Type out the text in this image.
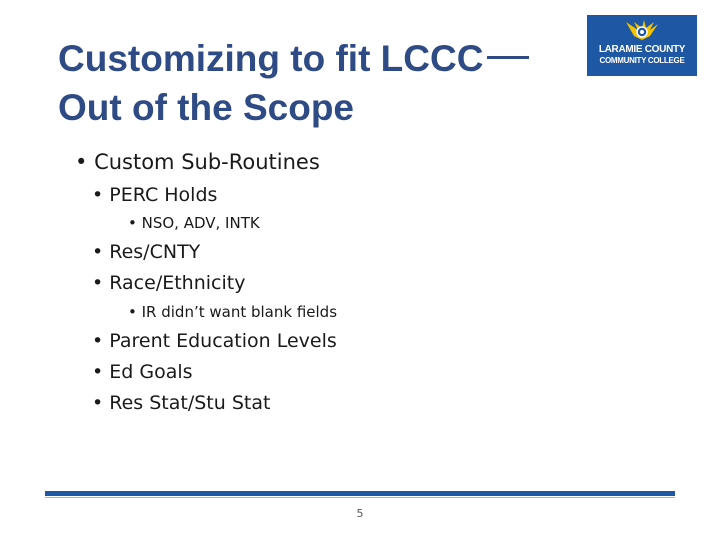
Customizing to fit LCCC
Out of the Scope
LARAMIE COUNTY
COMMUNITY COLLEGE
• Custom Sub-Routines
• PERC Holds
• NSO, ADV, INTK
• Res/CNTY
• Race/Ethnicity
• IR didn’t want blank fields
• Parent Education Levels
• Ed Goals
• Res Stat/Stu Stat
5
